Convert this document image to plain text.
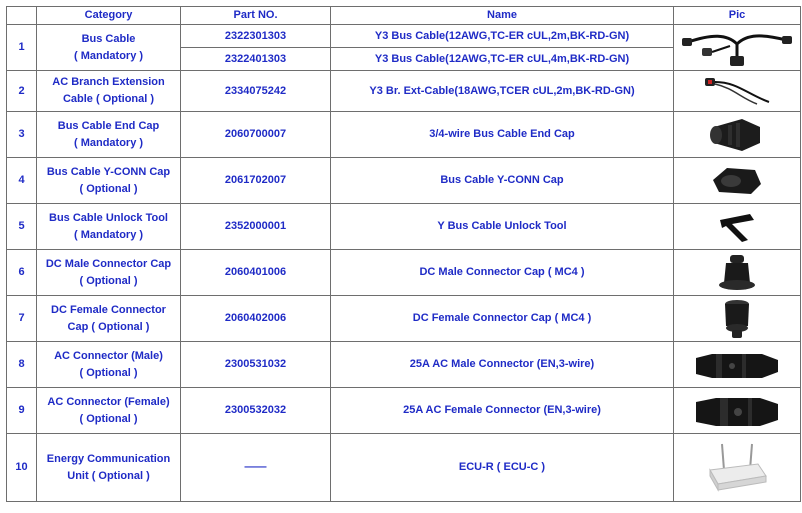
	Category	Part NO.	Name	Pic
1	Bus Cable
( Mandatory )	2322301303	Y3 Bus Cable(12AWG,TC-ER cUL,2m,BK-RD-GN)	

		2322401303	Y3 Bus Cable(12AWG,TC-ER cUL,4m,BK-RD-GN)	
2	AC Branch Extension
Cable ( Optional )	2334075242	Y3 Br. Ext-Cable(18AWG,TCER cUL,2m,BK-RD-GN)	

3	Bus Cable End Cap
( Mandatory )	2060700007	3/4-wire Bus Cable End Cap	

4	Bus Cable Y-CONN Cap
( Optional )	2061702007	Bus Cable Y-CONN Cap	

5	Bus Cable Unlock Tool
( Mandatory )	2352000001	Y Bus Cable Unlock Tool	

6	DC Male Connector Cap
( Optional )	2060401006	DC Male Connector Cap ( MC4 )	

7	DC Female Connector
Cap ( Optional )	2060402006	DC Female Connector Cap ( MC4 )	

8	AC Connector (Male)
( Optional )	2300531032	25A AC Male Connector (EN,3-wire)	

9	AC Connector (Female)
( Optional )	2300532032	25A AC Female Connector (EN,3-wire)	

10	Energy Communication
Unit ( Optional )	——	ECU-R ( ECU-C )	
